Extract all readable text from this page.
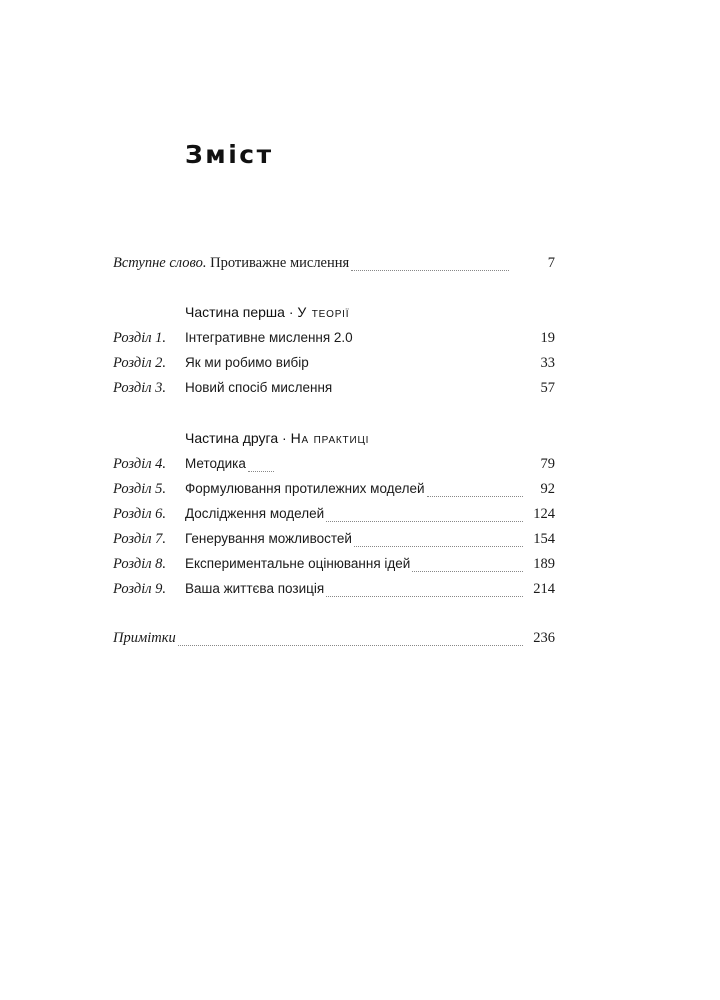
Зміст
Вступне слово. Противажне мислення	7
Частина перша · У теорії
Розділ 1.	Інтегративне мислення 2.0	19
Розділ 2.	Як ми робимо вибір	33
Розділ 3.	Новий спосіб мислення	57
Частина друга · На практиці
Розділ 4.	Методика	79
Розділ 5.	Формулювання протилежних моделей	92
Розділ 6.	Дослідження моделей	124
Розділ 7.	Генерування можливостей	154
Розділ 8.	Експериментальне оцінювання ідей	189
Розділ 9.	Ваша життєва позиція	214
Примітки	236
